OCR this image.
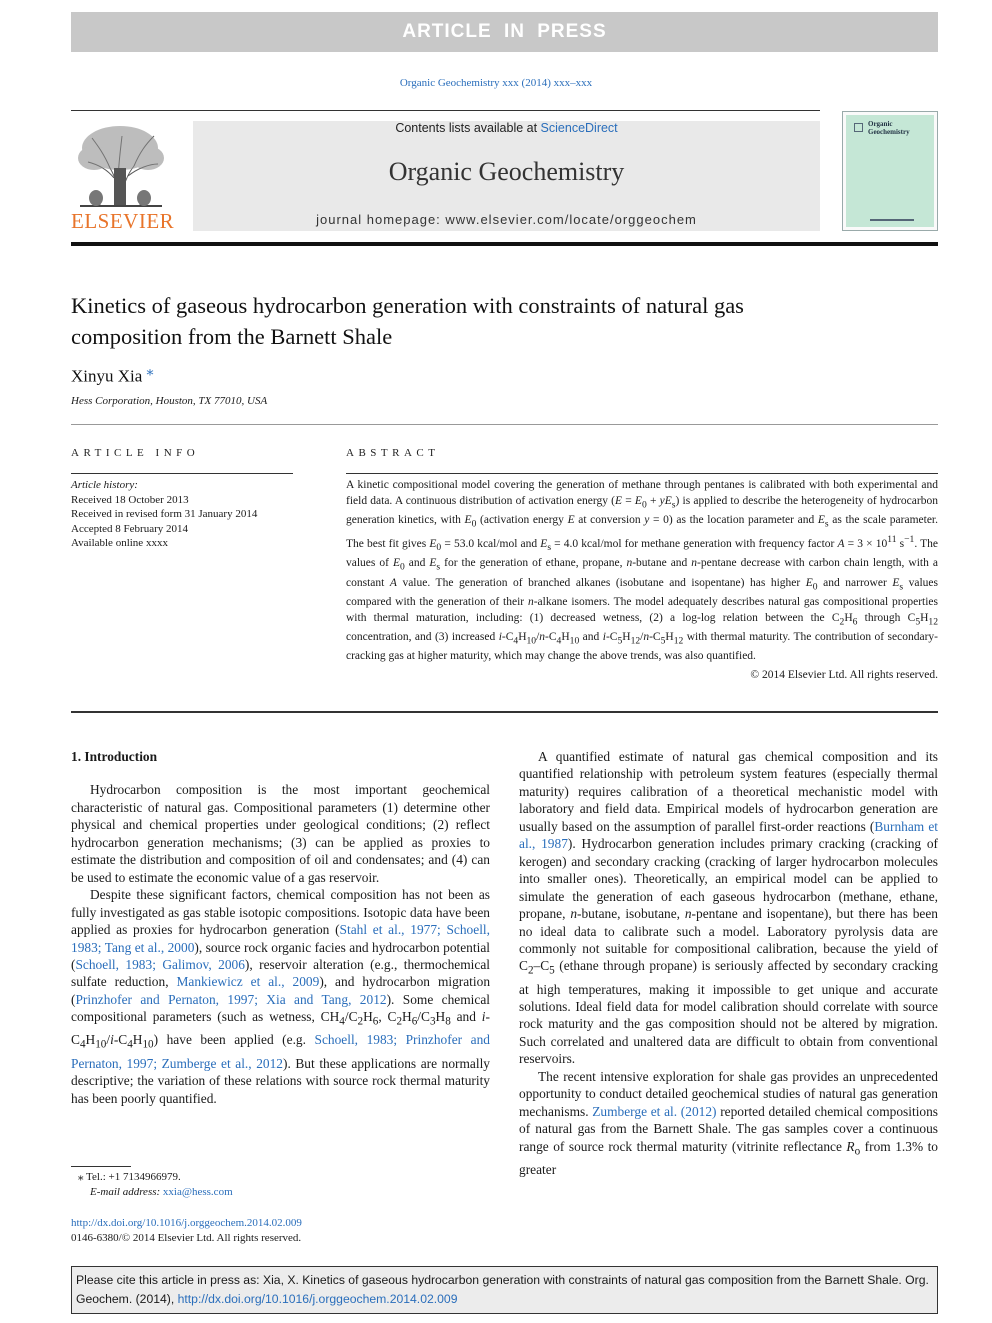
ARTICLE IN PRESS
Organic Geochemistry xxx (2014) xxx–xxx
ELSEVIER
Contents lists available at ScienceDirect
Organic Geochemistry
journal homepage: www.elsevier.com/locate/orggeochem
Organic Geochemistry
Kinetics of gaseous hydrocarbon generation with constraints of natural gas composition from the Barnett Shale
Xinyu Xia ⁎
Hess Corporation, Houston, TX 77010, USA
ARTICLE INFO	ABSTRACT
Article history:
Received 18 October 2013
Received in revised form 31 January 2014
Accepted 8 February 2014
Available online xxxx
A kinetic compositional model covering the generation of methane through pentanes is calibrated with both experimental and field data. A continuous distribution of activation energy $(E = E_0 + yE_s)$ is applied to describe the heterogeneity of hydrocarbon generation kinetics, with $E_0$ (activation energy E at conversion y = 0) as the location parameter and $E_s$ as the scale parameter. The best fit gives $E_0 = 53.0$ kcal/mol and $E_s = 4.0$ kcal/mol for methane generation with frequency factor $A = 3 \times 10^{11}$ $s^{-1}$. The values of $E_0$ and $E_s$ for the generation of ethane, propane, n-butane and n-pentane decrease with carbon chain length, with a constant A value. The generation of branched alkanes (isobutane and isopentane) has higher $E_0$ and narrower $E_s$ values compared with the generation of their n-alkane isomers. The model adequately describes natural gas compositional properties with thermal maturation, including: (1) decreased wetness, (2) a log-log relation between the $C_2H_6$ through $C_5H_{12}$ concentration, and (3) increased $i-C_4H_{10}/n-C_4H_{10}$ and $i-C_5H_{12}/n-C_5H_{12}$ with thermal maturity. The contribution of secondary-cracking gas at higher maturity, which may change the above trends, was also quantified.
© 2014 Elsevier Ltd. All rights reserved.
1. Introduction

Hydrocarbon composition is the most important geochemical characteristic of natural gas. Compositional parameters (1) determine other physical and chemical properties under geological conditions; (2) reflect hydrocarbon generation mechanisms; (3) can be applied as proxies to estimate the distribution and composition of oil and condensates; and (4) can be used to estimate the economic value of a gas reservoir.

Despite these significant factors, chemical composition has not been as fully investigated as gas stable isotopic compositions. Isotopic data have been applied as proxies for hydrocarbon generation (Stahl et al., 1977; Schoell, 1983; Tang et al., 2000), source rock organic facies and hydrocarbon potential (Schoell, 1983; Galimov, 2006), reservoir alteration (e.g., thermochemical sulfate reduction, Mankiewicz et al., 2009), and hydrocarbon migration (Prinzhofer and Pernaton, 1997; Xia and Tang, 2012). Some chemical compositional parameters (such as wetness, $CH_4/C_2H_6$, $C_2H_6/C_3H_8$ and $i-C_4H_{10}/i-C_4H_{10}$) have been applied (e.g. Schoell, 1983; Prinzhofer and Pernaton, 1997; Zumberge et al., 2012). But these applications are normally descriptive; the variation of these relations with source rock thermal maturity has been poorly quantified.

A quantified estimate of natural gas chemical composition and its quantified relationship with petroleum system features (especially thermal maturity) requires calibration of a theoretical mechanistic model with laboratory and field data. Empirical models of hydrocarbon generation are usually based on the assumption of parallel first-order reactions (Burnham et al., 1987). Hydrocarbon generation includes primary cracking (cracking of kerogen) and secondary cracking (cracking of larger hydrocarbon molecules into smaller ones). Theoretically, an empirical model can be applied to simulate the generation of each gaseous hydrocarbon (methane, ethane, propane, n-butane, isobutane, n-pentane and isopentane), but there has been no ideal data to calibrate such a model. Laboratory pyrolysis data are commonly not suitable for compositional calibration, because the yield of $C_2-C_5$ (ethane through propane) is seriously affected by secondary cracking at high temperatures, making it impossible to get unique and accurate solutions. Ideal field data for model calibration should correlate with source rock maturity and the gas composition should not be altered by migration. Such correlated and unaltered data are difficult to obtain from conventional reservoirs.

The recent intensive exploration for shale gas provides an unprecedented opportunity to conduct detailed geochemical studies of natural gas generation mechanisms. Zumberge et al. (2012) reported detailed chemical compositions of natural gas from the Barnett Shale. The gas samples cover a continuous range of source rock thermal maturity (vitrinite reflectance $R_o$ from 1.3% to greater

⁎ Tel.: +1 7134966979.
E-mail address: xxia@hess.com
http://dx.doi.org/10.1016/j.orggeochem.2014.02.009
0146-6380/© 2014 Elsevier Ltd. All rights reserved.
Please cite this article in press as: Xia, X. Kinetics of gaseous hydrocarbon generation with constraints of natural gas composition from the Barnett Shale. Org. Geochem. (2014), http://dx.doi.org/10.1016/j.orggeochem.2014.02.009
